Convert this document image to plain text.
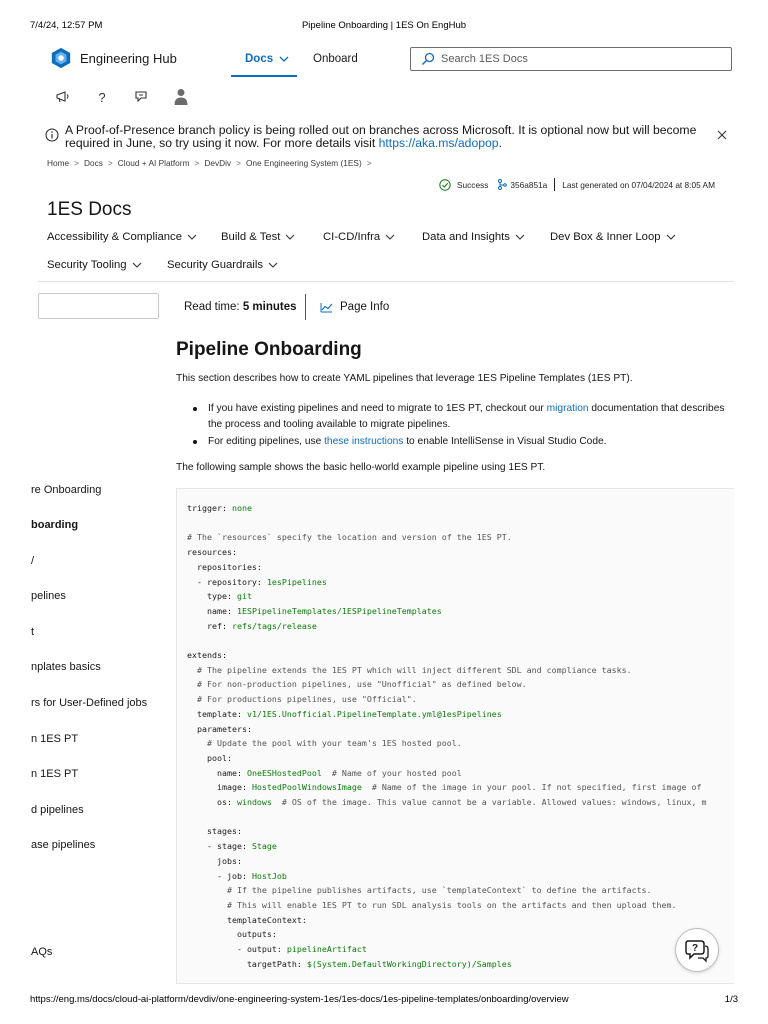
7/4/24, 12:57 PM	Pipeline Onboarding | 1ES On EngHub
Engineering Hub	Docs	Onboard	Search 1ES Docs
?
A Proof-of-Presence branch policy is being rolled out on branches across Microsoft. It is optional now but will become required in June, so try using it now. For more details visit https://aka.ms/adopop.
Home > Docs > Cloud + AI Platform > DevDiv > One Engineering System (1ES) >
Success	356a851a Last generated on 07/04/2024 at 8:05 AM
1ES Docs
Accessibility & Compliance	Build & Test	CI-CD/Infra	Data and Insights	Dev Box & Inner Loop
Security Tooling	Security Guardrails
re Onboarding
boarding
/
pelines
t
nplates basics
rs for User-Defined jobs
n 1ES PT
n 1ES PT
d pipelines
ase pipelines
AQs
Read time: 5 minutes	Page Info
Pipeline Onboarding

This section describes how to create YAML pipelines that leverage 1ES Pipeline Templates (1ES PT).

If you have existing pipelines and need to migrate to 1ES PT, checkout our migration documentation that describes the process and tooling available to migrate pipelines.
For editing pipelines, use these instructions to enable IntelliSense in Visual Studio Code.

The following sample shows the basic hello-world example pipeline using 1ES PT.

trigger: none
# The `resources` specify the location and version of the 1ES PT.
resources:
repositories:
- repository: 1esPipelines
type: git
name: 1ESPipelineTemplates/1ESPipelineTemplates
ref: refs/tags/release
extends:
# The pipeline extends the 1ES PT which will inject different SDL and compliance tasks.
# For non-production pipelines, use "Unofficial" as defined below.
# For productions pipelines, use "Official".
template: v1/1ES.Unofficial.PipelineTemplate.yml@1esPipelines
parameters:
# Update the pool with your team's 1ES hosted pool.
pool:
name: OneESHostedPool  # Name of your hosted pool
image: HostedPoolWindowsImage  # Name of the image in your pool. If not specified, first image of
os: windows  # OS of the image. This value cannot be a variable. Allowed values: windows, linux, m
stages:
- stage: Stage
jobs:
- job: HostJob
# If the pipeline publishes artifacts, use `templateContext` to define the artifacts.
# This will enable 1ES PT to run SDL analysis tools on the artifacts and then upload them.
templateContext:
outputs:
- output: pipelineArtifact
targetPath: $(System.DefaultWorkingDirectory)/Samples
?
https://eng.ms/docs/cloud-ai-platform/devdiv/one-engineering-system-1es/1es-docs/1es-pipeline-templates/onboarding/overview	1/3
